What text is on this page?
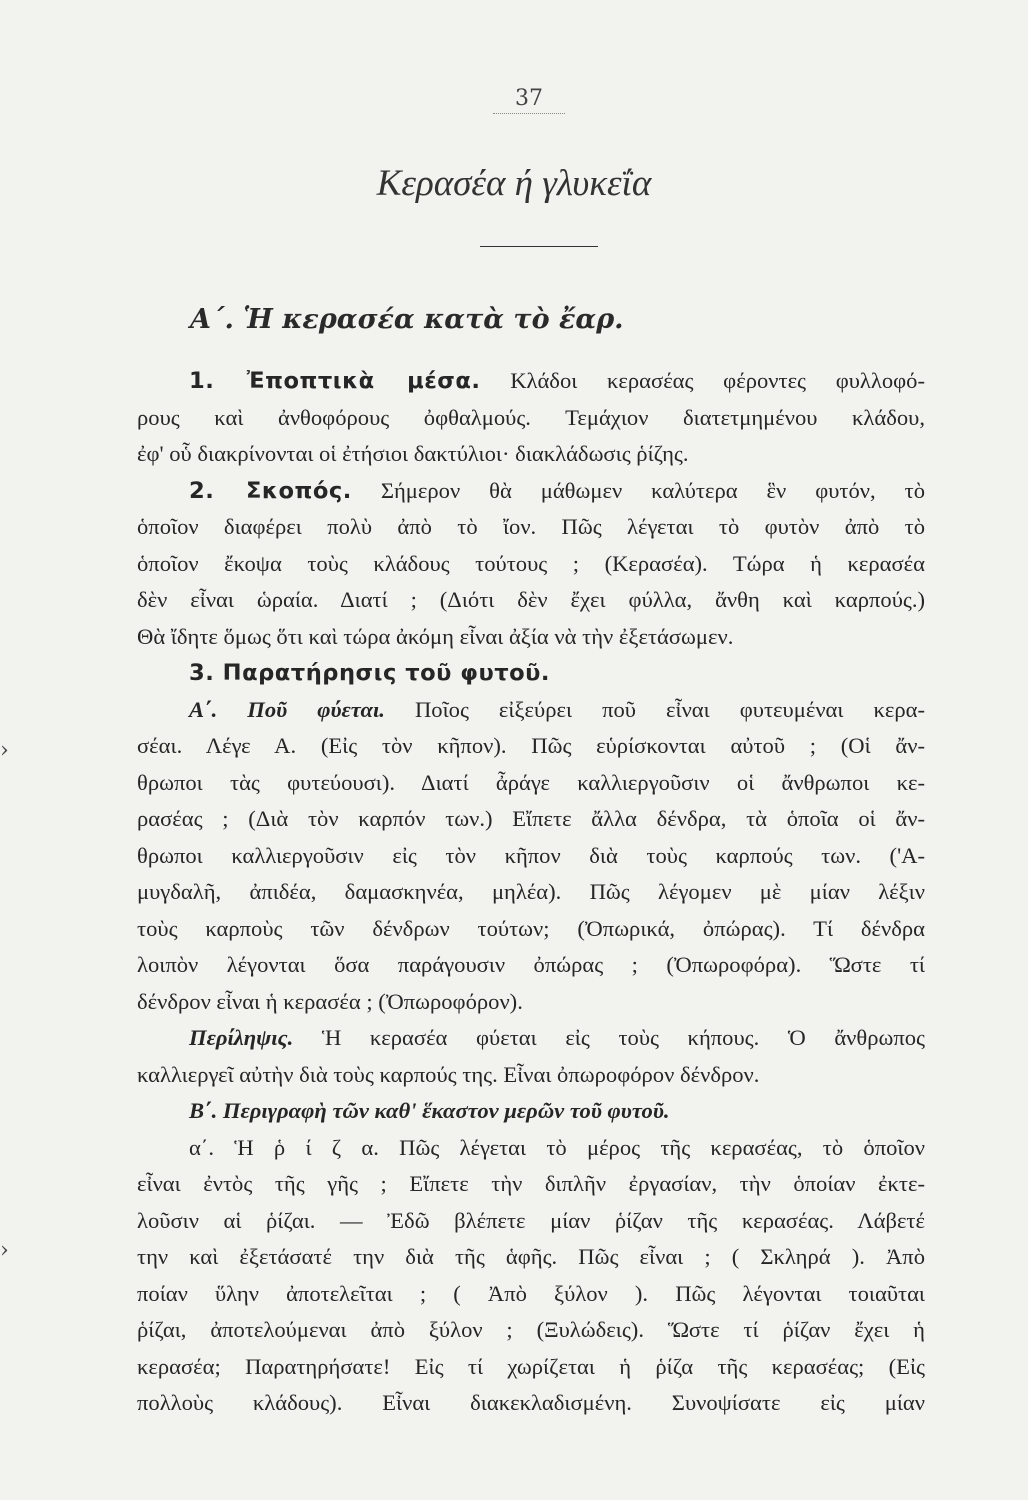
37
Κερασέα ή γλυκεΐα
Α΄. Ἡ κερασέα κατὰ τὸ ἔαρ.
›
›
1. Ἐποπτικὰ μέσα. Κλάδοι κερασέας φέροντες φυλλοφό-
ρους καὶ ἀνθοφόρους ὀφθαλμούς. Τεμάχιον διατετμημένου κλάδου,
ἐφ' οὗ διακρίνονται οἱ ἐτήσιοι δακτύλιοι· διακλάδωσις ῥίζης.
2. Σκοπός. Σήμερον θὰ μάθωμεν καλύτερα ἓν φυτόν, τὸ
ὁποῖον διαφέρει πολὺ ἀπὸ τὸ ἴον. Πῶς λέγεται τὸ φυτὸν ἀπὸ τὸ
ὁποῖον ἔκοψα τοὺς κλάδους τούτους ; (Κερασέα). Τώρα ἡ κερασέα
δὲν εἶναι ὡραία. Διατί ; (Διότι δὲν ἔχει φύλλα, ἄνθη καὶ καρπούς.)
Θὰ ἴδητε ὅμως ὅτι καὶ τώρα ἀκόμη εἶναι ἀξία νὰ τὴν ἐξετάσωμεν.
3. Παρατήρησις τοῦ φυτοῦ.
Α΄. Ποῦ φύεται. Ποῖος εἰξεύρει ποῦ εἶναι φυτευμέναι κερα-
σέαι. Λέγε Α. (Εἰς τὸν κῆπον). Πῶς εὑρίσκονται αὐτοῦ ; (Οἱ ἄν-
θρωποι τὰς φυτεύουσι). Διατί ἆράγε καλλιεργοῦσιν οἱ ἄνθρωποι κε-
ρασέας ; (Διὰ τὸν καρπόν των.) Εἴπετε ἄλλα δένδρα, τὰ ὁποῖα οἱ ἄν-
θρωποι καλλιεργοῦσιν εἰς τὸν κῆπον διὰ τοὺς καρπούς των. ('Α-
μυγδαλῆ, ἀπιδέα, δαμασκηνέα, μηλέα). Πῶς λέγομεν μὲ μίαν λέξιν
τοὺς καρποὺς τῶν δένδρων τούτων; (Ὀπωρικά, ὀπώρας). Τί δένδρα
λοιπὸν λέγονται ὅσα παράγουσιν ὀπώρας ; (Ὀπωροφόρα). Ὥστε τί
δένδρον εἶναι ἡ κερασέα ; (Ὀπωροφόρον).
Περίληψις. Ἡ κερασέα φύεται εἰς τοὺς κήπους. Ὁ ἄνθρωπος
καλλιεργεῖ αὐτὴν διὰ τοὺς καρπούς της. Εἶναι ὀπωροφόρον δένδρον.
Β΄. Περιγραφὴ τῶν καθ' ἕκαστον μερῶν τοῦ φυτοῦ.
α΄. Ἡ ῥ ί ζ α. Πῶς λέγεται τὸ μέρος τῆς κερασέας, τὸ ὁποῖον
εἶναι ἐντὸς τῆς γῆς ; Εἴπετε τὴν διπλῆν ἐργασίαν, τὴν ὁποίαν ἐκτε-
λοῦσιν αἱ ῥίζαι. — Ἐδῶ βλέπετε μίαν ῥίζαν τῆς κερασέας. Λάβετέ
την καὶ ἐξετάσατέ την διὰ τῆς ἁφῆς. Πῶς εἶναι ; ( Σκληρά ). Ἀπὸ
ποίαν ὕλην ἀποτελεῖται ; ( Ἀπὸ ξύλον ). Πῶς λέγονται τοιαῦται
ῥίζαι, ἀποτελούμεναι ἀπὸ ξύλον ; (Ξυλώδεις). Ὥστε τί ῥίζαν ἔχει ἡ
κερασέα; Παρατηρήσατε! Εἰς τί χωρίζεται ἡ ῥίζα τῆς κερασέας; (Εἰς
πολλοὺς κλάδους). Εἶναι διακεκλαδισμένη. Συνοψίσατε εἰς μίαν
